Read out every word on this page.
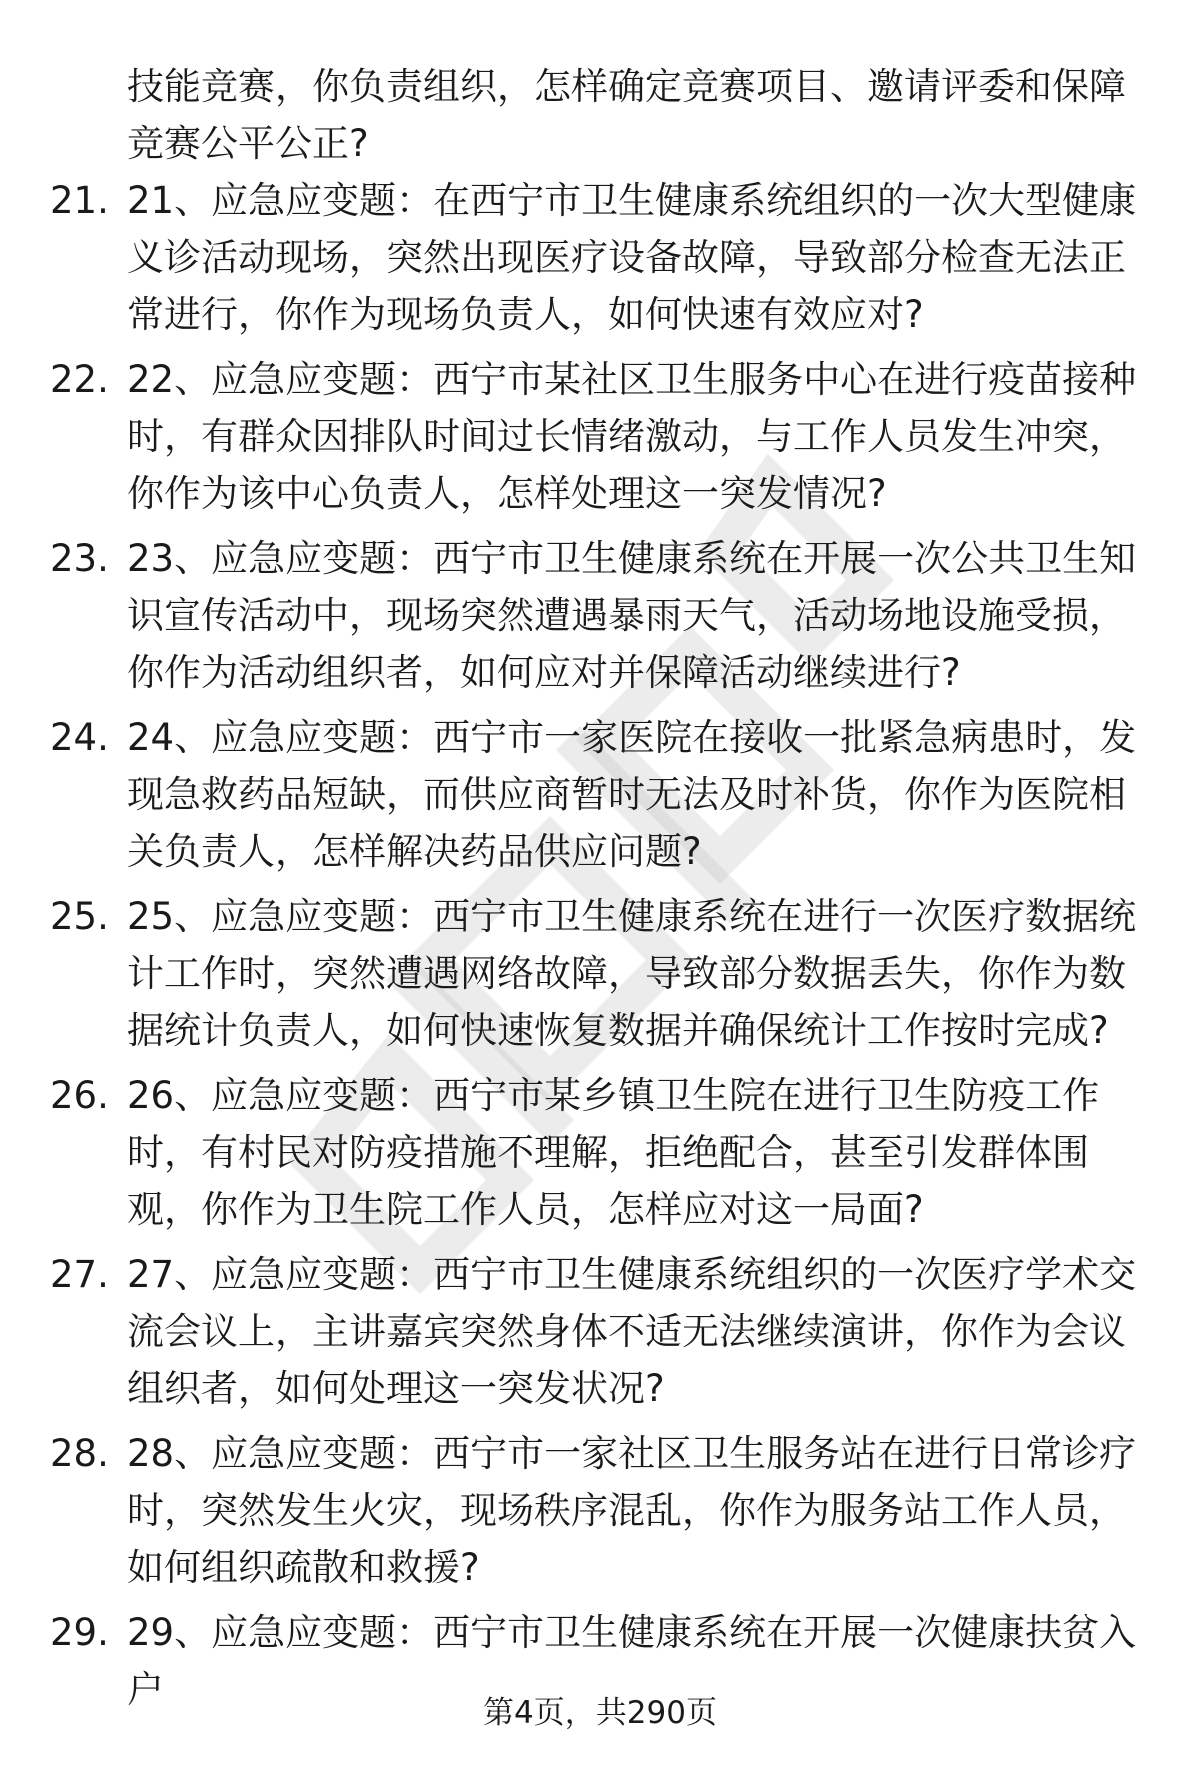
技能竞赛，你负责组织，怎样确定竞赛项目、邀请评委和保障竞赛公平公正?
21. 21、应急应变题：在西宁市卫生健康系统组织的一次大型健康义诊活动现场，突然出现医疗设备故障，导致部分检查无法正常进行，你作为现场负责人，如何快速有效应对?
22. 22、应急应变题：西宁市某社区卫生服务中心在进行疫苗接种时，有群众因排队时间过长情绪激动，与工作人员发生冲突，你作为该中心负责人，怎样处理这一突发情况?
23. 23、应急应变题：西宁市卫生健康系统在开展一次公共卫生知识宣传活动中，现场突然遭遇暴雨天气，活动场地设施受损，你作为活动组织者，如何应对并保障活动继续进行?
24. 24、应急应变题：西宁市一家医院在接收一批紧急病患时，发现急救药品短缺，而供应商暂时无法及时补货，你作为医院相关负责人，怎样解决药品供应问题?
25. 25、应急应变题：西宁市卫生健康系统在进行一次医疗数据统计工作时，突然遭遇网络故障，导致部分数据丢失，你作为数据统计负责人，如何快速恢复数据并确保统计工作按时完成?
26. 26、应急应变题：西宁市某乡镇卫生院在进行卫生防疫工作时，有村民对防疫措施不理解，拒绝配合，甚至引发群体围观，你作为卫生院工作人员，怎样应对这一局面?
27. 27、应急应变题：西宁市卫生健康系统组织的一次医疗学术交流会议上，主讲嘉宾突然身体不适无法继续演讲，你作为会议组织者，如何处理这一突发状况?
28. 28、应急应变题：西宁市一家社区卫生服务站在进行日常诊疗时，突然发生火灾，现场秩序混乱，你作为服务站工作人员，如何组织疏散和救援?
29. 29、应急应变题：西宁市卫生健康系统在开展一次健康扶贫入户
第4页，共290页
